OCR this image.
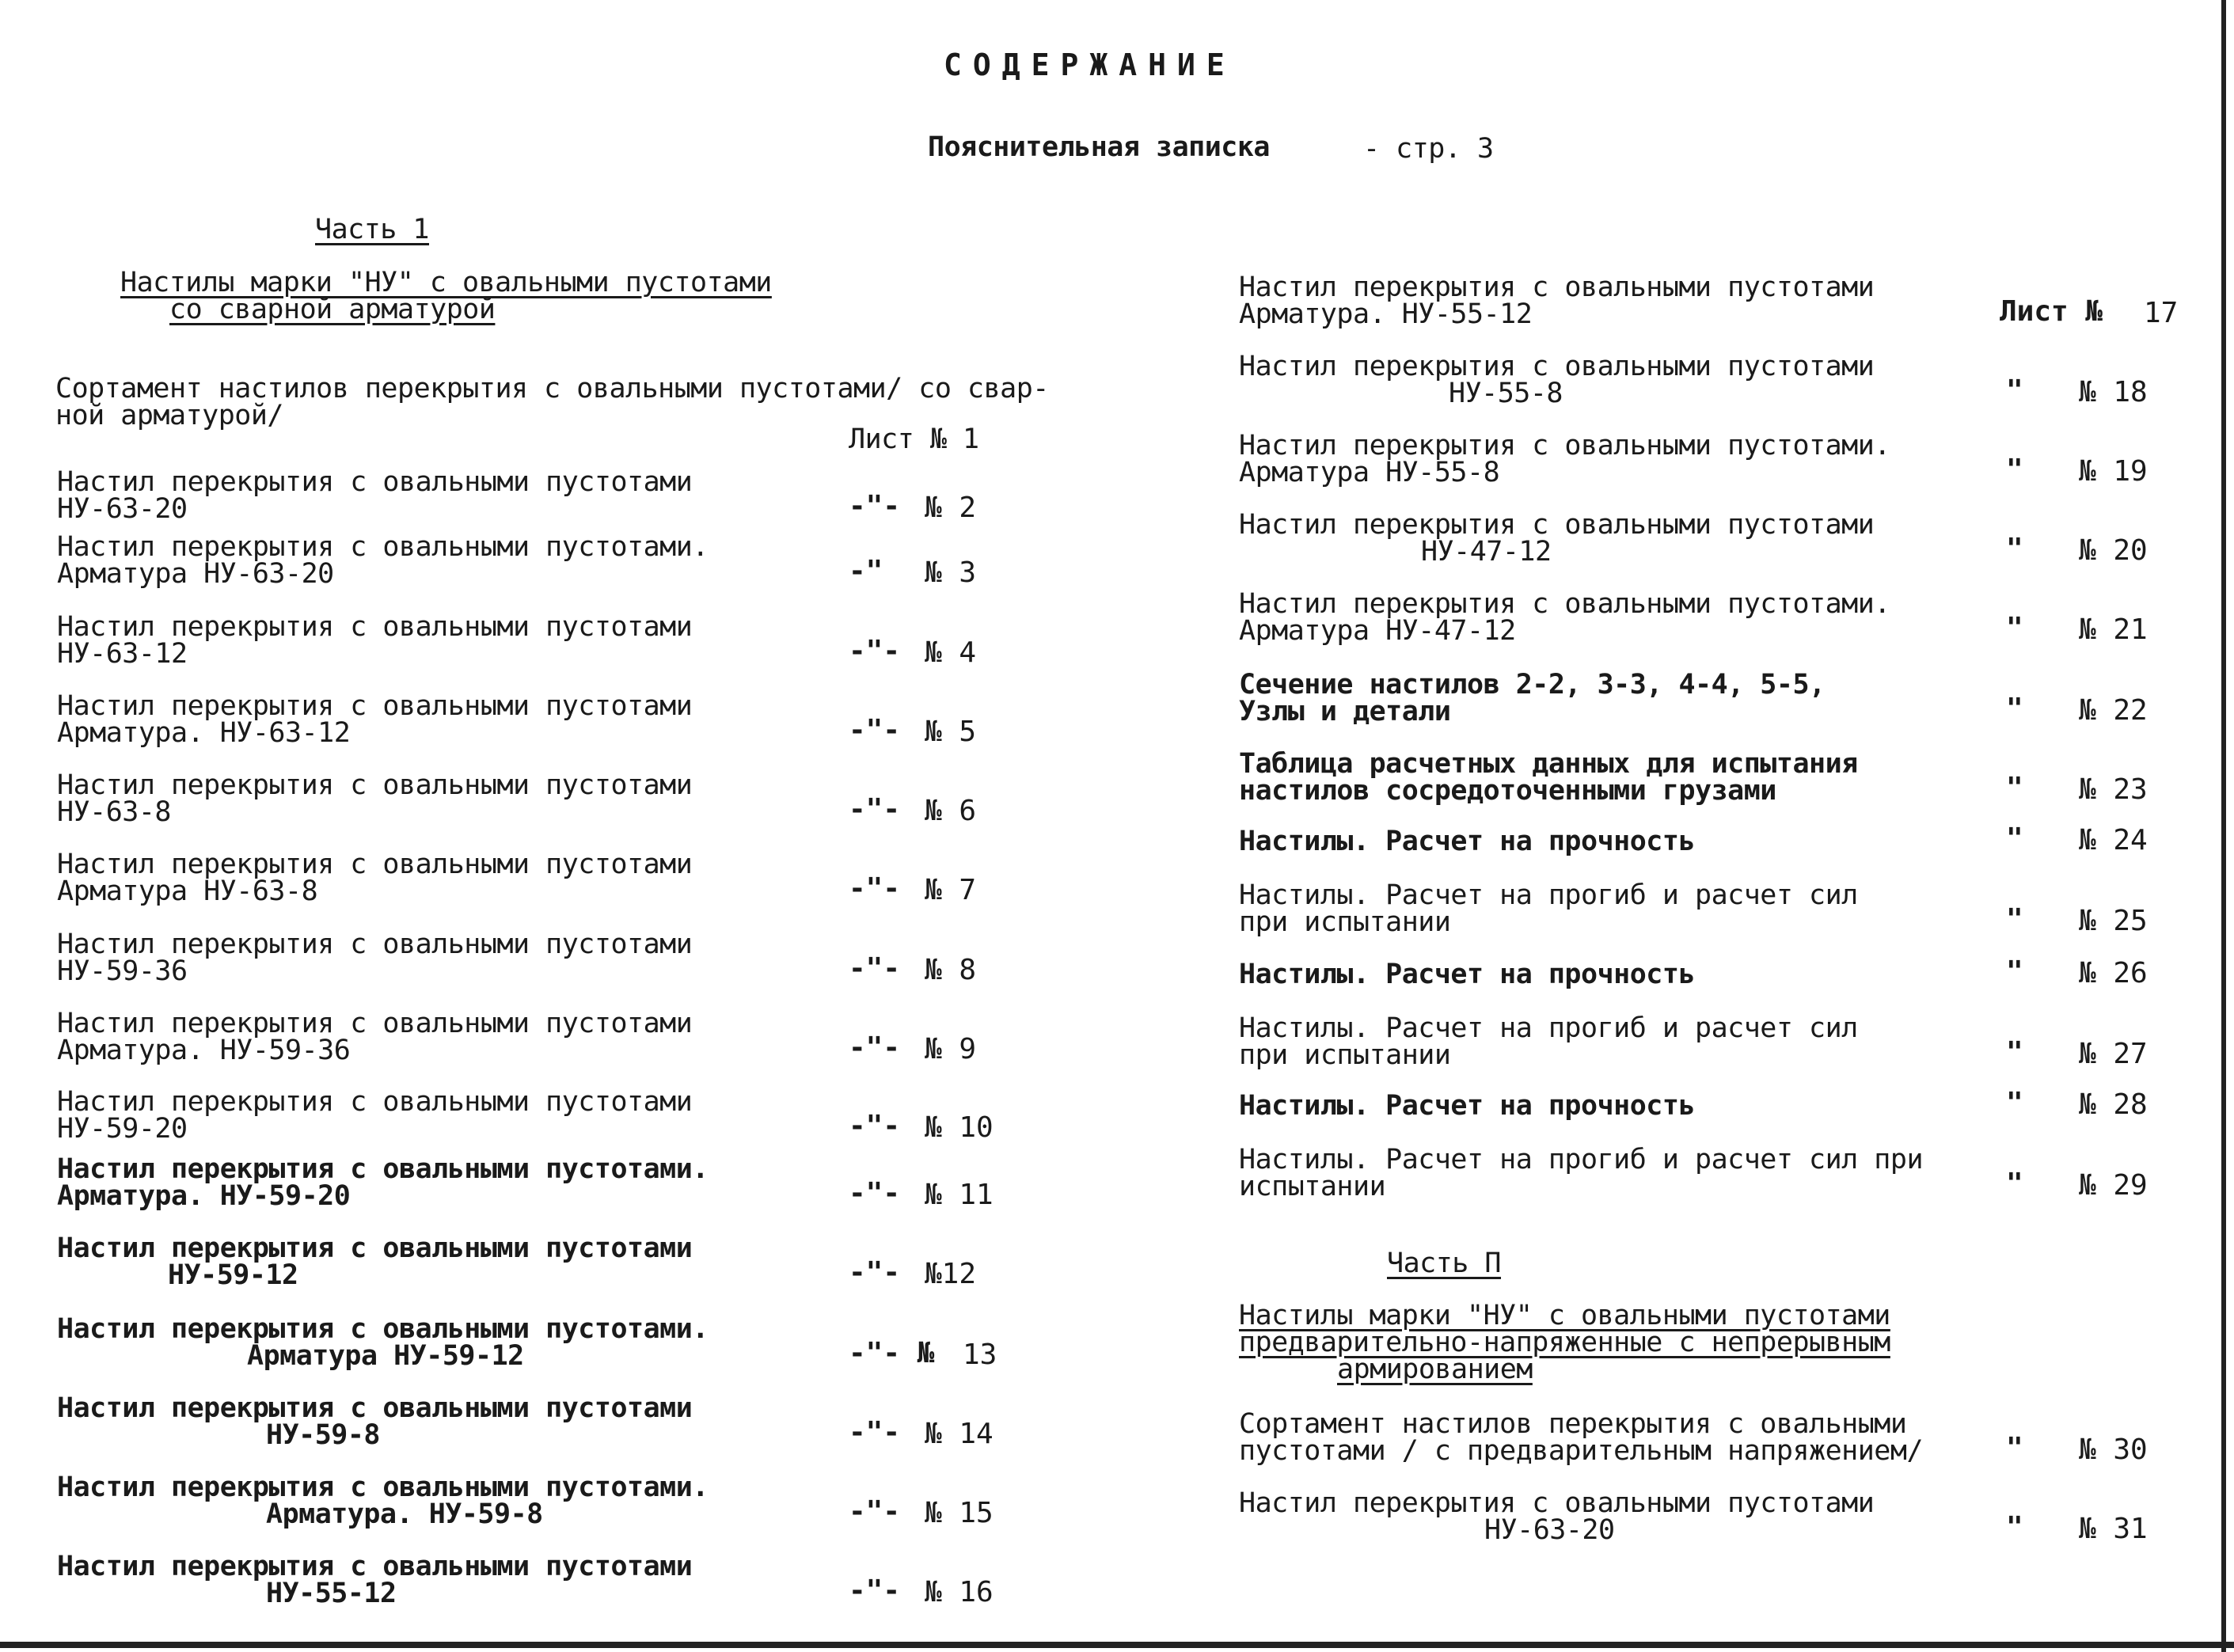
СОДЕРЖАНИЕ
Пояснительная записка	- стр. 3
Часть 1
Настилы марки "НУ" с овальными пустотами
со сварной арматурой
Сортамент настилов перекрытия с овальными пустотами/ со свар-
ной арматурой/
Лист № 1
Настил перекрытия с овальными пустотами
НУ-63-20	-"- № 2
Настил перекрытия с овальными пустотами.
Арматура НУ-63-20	-" № 3
Настил перекрытия с овальными пустотами
НУ-63-12	-"- № 4
Настил перекрытия с овальными пустотами
Арматура. НУ-63-12	-"- № 5
Настил перекрытия с овальными пустотами
НУ-63-8	-"- № 6
Настил перекрытия с овальными пустотами
Арматура НУ-63-8	-"- № 7
Настил перекрытия с овальными пустотами
НУ-59-36	-"- № 8
Настил перекрытия с овальными пустотами
Арматура. НУ-59-36	-"- № 9
Настил перекрытия с овальными пустотами
НУ-59-20	-"- № 10
Настил перекрытия с овальными пустотами.
Арматура. НУ-59-20	-"- № 11
Настил перекрытия с овальными пустотами
НУ-59-12	-"- №12
Настил перекрытия с овальными пустотами.
Арматура НУ-59-12	-"- № 13
Настил перекрытия с овальными пустотами
НУ-59-8	-"- № 14
Настил перекрытия с овальными пустотами.
Арматура. НУ-59-8	-"- № 15
Настил перекрытия с овальными пустотами
НУ-55-12	-"- № 16
Настил перекрытия с овальными пустотами
Арматура. НУ-55-12	Лист № 17
Настил перекрытия с овальными пустотами
НУ-55-8	" № 18
Настил перекрытия с овальными пустотами.
Арматура НУ-55-8	" № 19
Настил перекрытия с овальными пустотами
НУ-47-12	" № 20
Настил перекрытия с овальными пустотами.
Арматура НУ-47-12	" № 21
Сечение настилов 2-2, 3-3, 4-4, 5-5,
Узлы и детали	" № 22
Таблица расчетных данных для испытания
настилов сосредоточенными грузами	" № 23
Настилы. Расчет на прочность	" № 24
Настилы. Расчет на прогиб и расчет сил
при испытании	" № 25
Настилы. Расчет на прочность	" № 26
Настилы. Расчет на прогиб и расчет сил
при испытании	" № 27
Настилы. Расчет на прочность	" № 28
Настилы. Расчет на прогиб и расчет сил при
испытании	" № 29
Часть П
Настилы марки "НУ" с овальными пустотами
предварительно-напряженные с непрерывным
армированием
Сортамент настилов перекрытия с овальными
пустотами / с предварительным напряжением/	" № 30
Настил перекрытия с овальными пустотами
НУ-63-20	" № 31
